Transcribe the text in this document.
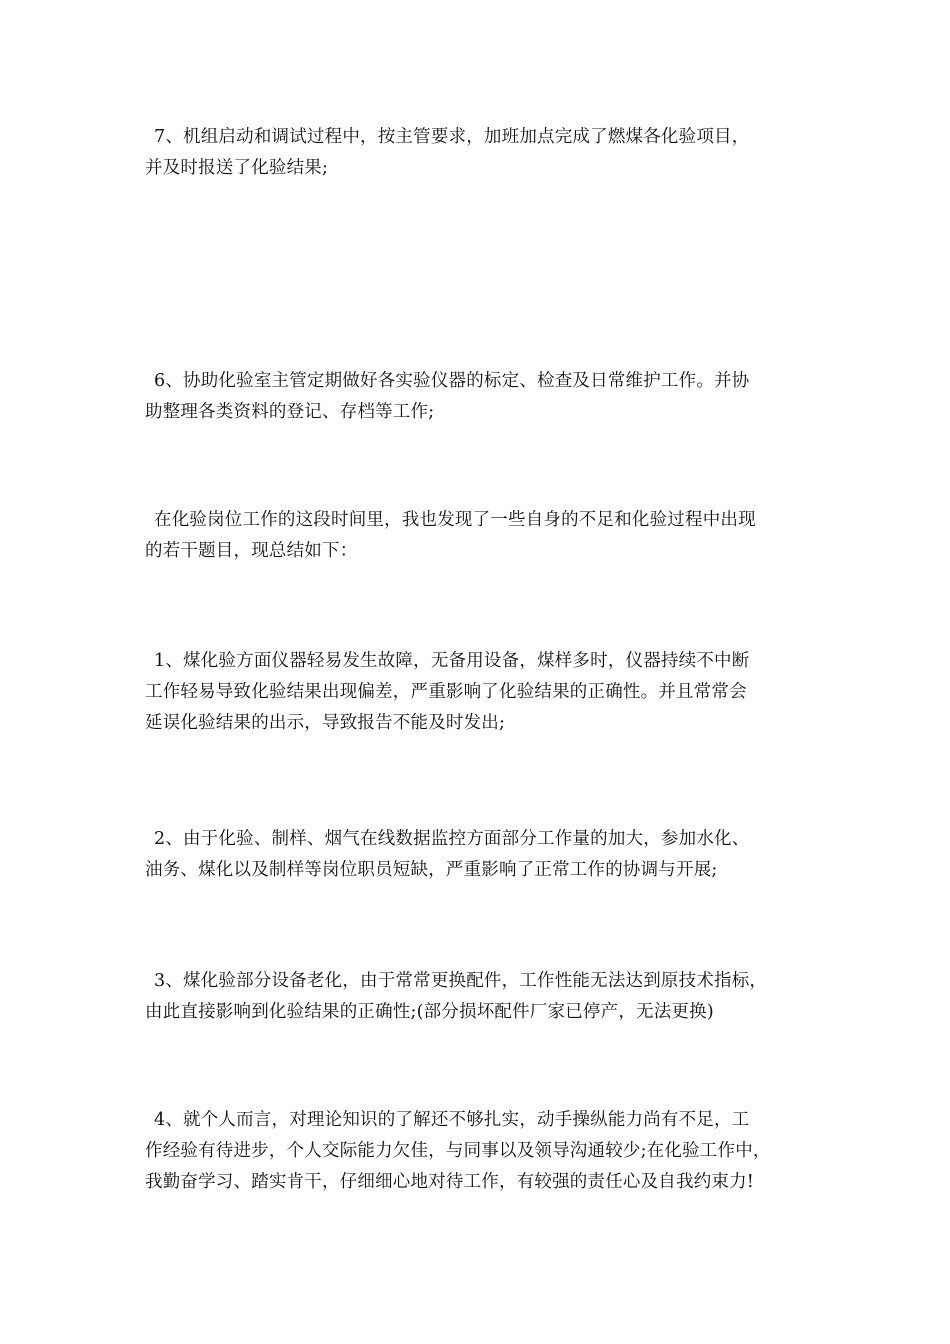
7、机组启动和调试过程中，按主管要求，加班加点完成了燃煤各化验项目，
并及时报送了化验结果;

6、协助化验室主管定期做好各实验仪器的标定、检查及日常维护工作。并协
助整理各类资料的登记、存档等工作;

在化验岗位工作的这段时间里，我也发现了一些自身的不足和化验过程中出现
的若干题目，现总结如下：

1、煤化验方面仪器轻易发生故障，无备用设备，煤样多时，仪器持续不中断
工作轻易导致化验结果出现偏差，严重影响了化验结果的正确性。并且常常会
延误化验结果的出示，导致报告不能及时发出;

2、由于化验、制样、烟气在线数据监控方面部分工作量的加大，参加水化、
油务、煤化以及制样等岗位职员短缺，严重影响了正常工作的协调与开展;

3、煤化验部分设备老化，由于常常更换配件，工作性能无法达到原技术指标，
由此直接影响到化验结果的正确性;(部分损坏配件厂家已停产，无法更换)

4、就个人而言，对理论知识的了解还不够扎实，动手操纵能力尚有不足，工
作经验有待进步，个人交际能力欠佳，与同事以及领导沟通较少;在化验工作中，
我勤奋学习、踏实肯干，仔细细心地对待工作，有较强的责任心及自我约束力!
